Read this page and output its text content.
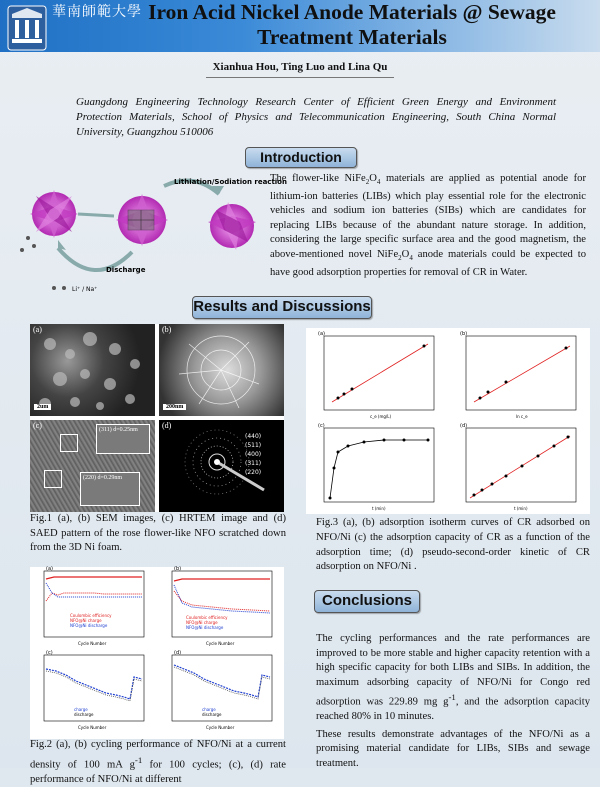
華南師範大學 Iron Acid Nickel Anode Materials @ Sewage Treatment Materials
Xianhua Hou, Ting Luo and Lina Qu
Guangdong Engineering Technology Research Center of Efficient Green Energy and Environment Protection Materials, School of Physics and Telecommunication Engineering, South China Normal University, Guangzhou 510006
Introduction
Lithiation/Sodiation reaction
Discharge
Li⁺ / Na⁺
The flower-like $NiFe_2O_4$ materials are applied as potential anode for lithium-ion batteries (LIBs) which play essential role for the electronic vehicles and sodium ion batteries (SIBs) which are candidates for replacing LIBs because of the abundant nature storage. In addition, considering the large specific surface area and the good magnetism, the above-mentioned novel $NiFe_2O_4$ anode materials could be expected to have good adsorption properties for removal of CR in Water.
Results and Discussions
(a)
2um
(b)
200nm
(c)	(311) d=0.25nm
(220) d=0.29nm
(440)
(511)
(400)
(311)
(220)
(d)
Fig.1 (a), (b) SEM images, (c) HRTEM image and (d) SAED pattern of the rose flower-like NFO scratched down from the 3D Ni foam.
Coulombic efficiency
NFO@Ni charge
NFO@Ni discharge
(a)
Cycle Number
Coulombic efficiency
NFO@Ni charge
NFO@Ni discharge
(b)
Cycle Number
charge
discharge
(c)
Cycle Number
charge
discharge
(d)
Cycle Number
Fig.2 (a), (b) cycling performance of NFO/Ni at a current density of 100 mA $g^{-1}$ for 100 cycles; (c), (d) rate performance of NFO/Ni at different
(a)
c_e (mg/L)
(b)
ln c_e
(c)
t (min)
(d)
t (min)
Fig.3 (a), (b) adsorption isotherm curves of CR adsorbed on NFO/Ni (c) the adsorption capacity of CR as a function of the adsorption time; (d) pseudo-second-order kinetic of CR adsorption on NFO/Ni .
Conclusions

The cycling performances and the rate performances are improved to be more stable and higher capacity retention with a high specific capacity for both LIBs and SIBs. In addition, the maximum adsorbing capacity of NFO/Ni for Congo red adsorption was 229.89 mg $g^{-1}$, and the adsorption capacity reached 80% in 10 minutes.

These results demonstrate advantages of the NFO/Ni as a promising material candidate for LIBs, SIBs and sewage treatment.
